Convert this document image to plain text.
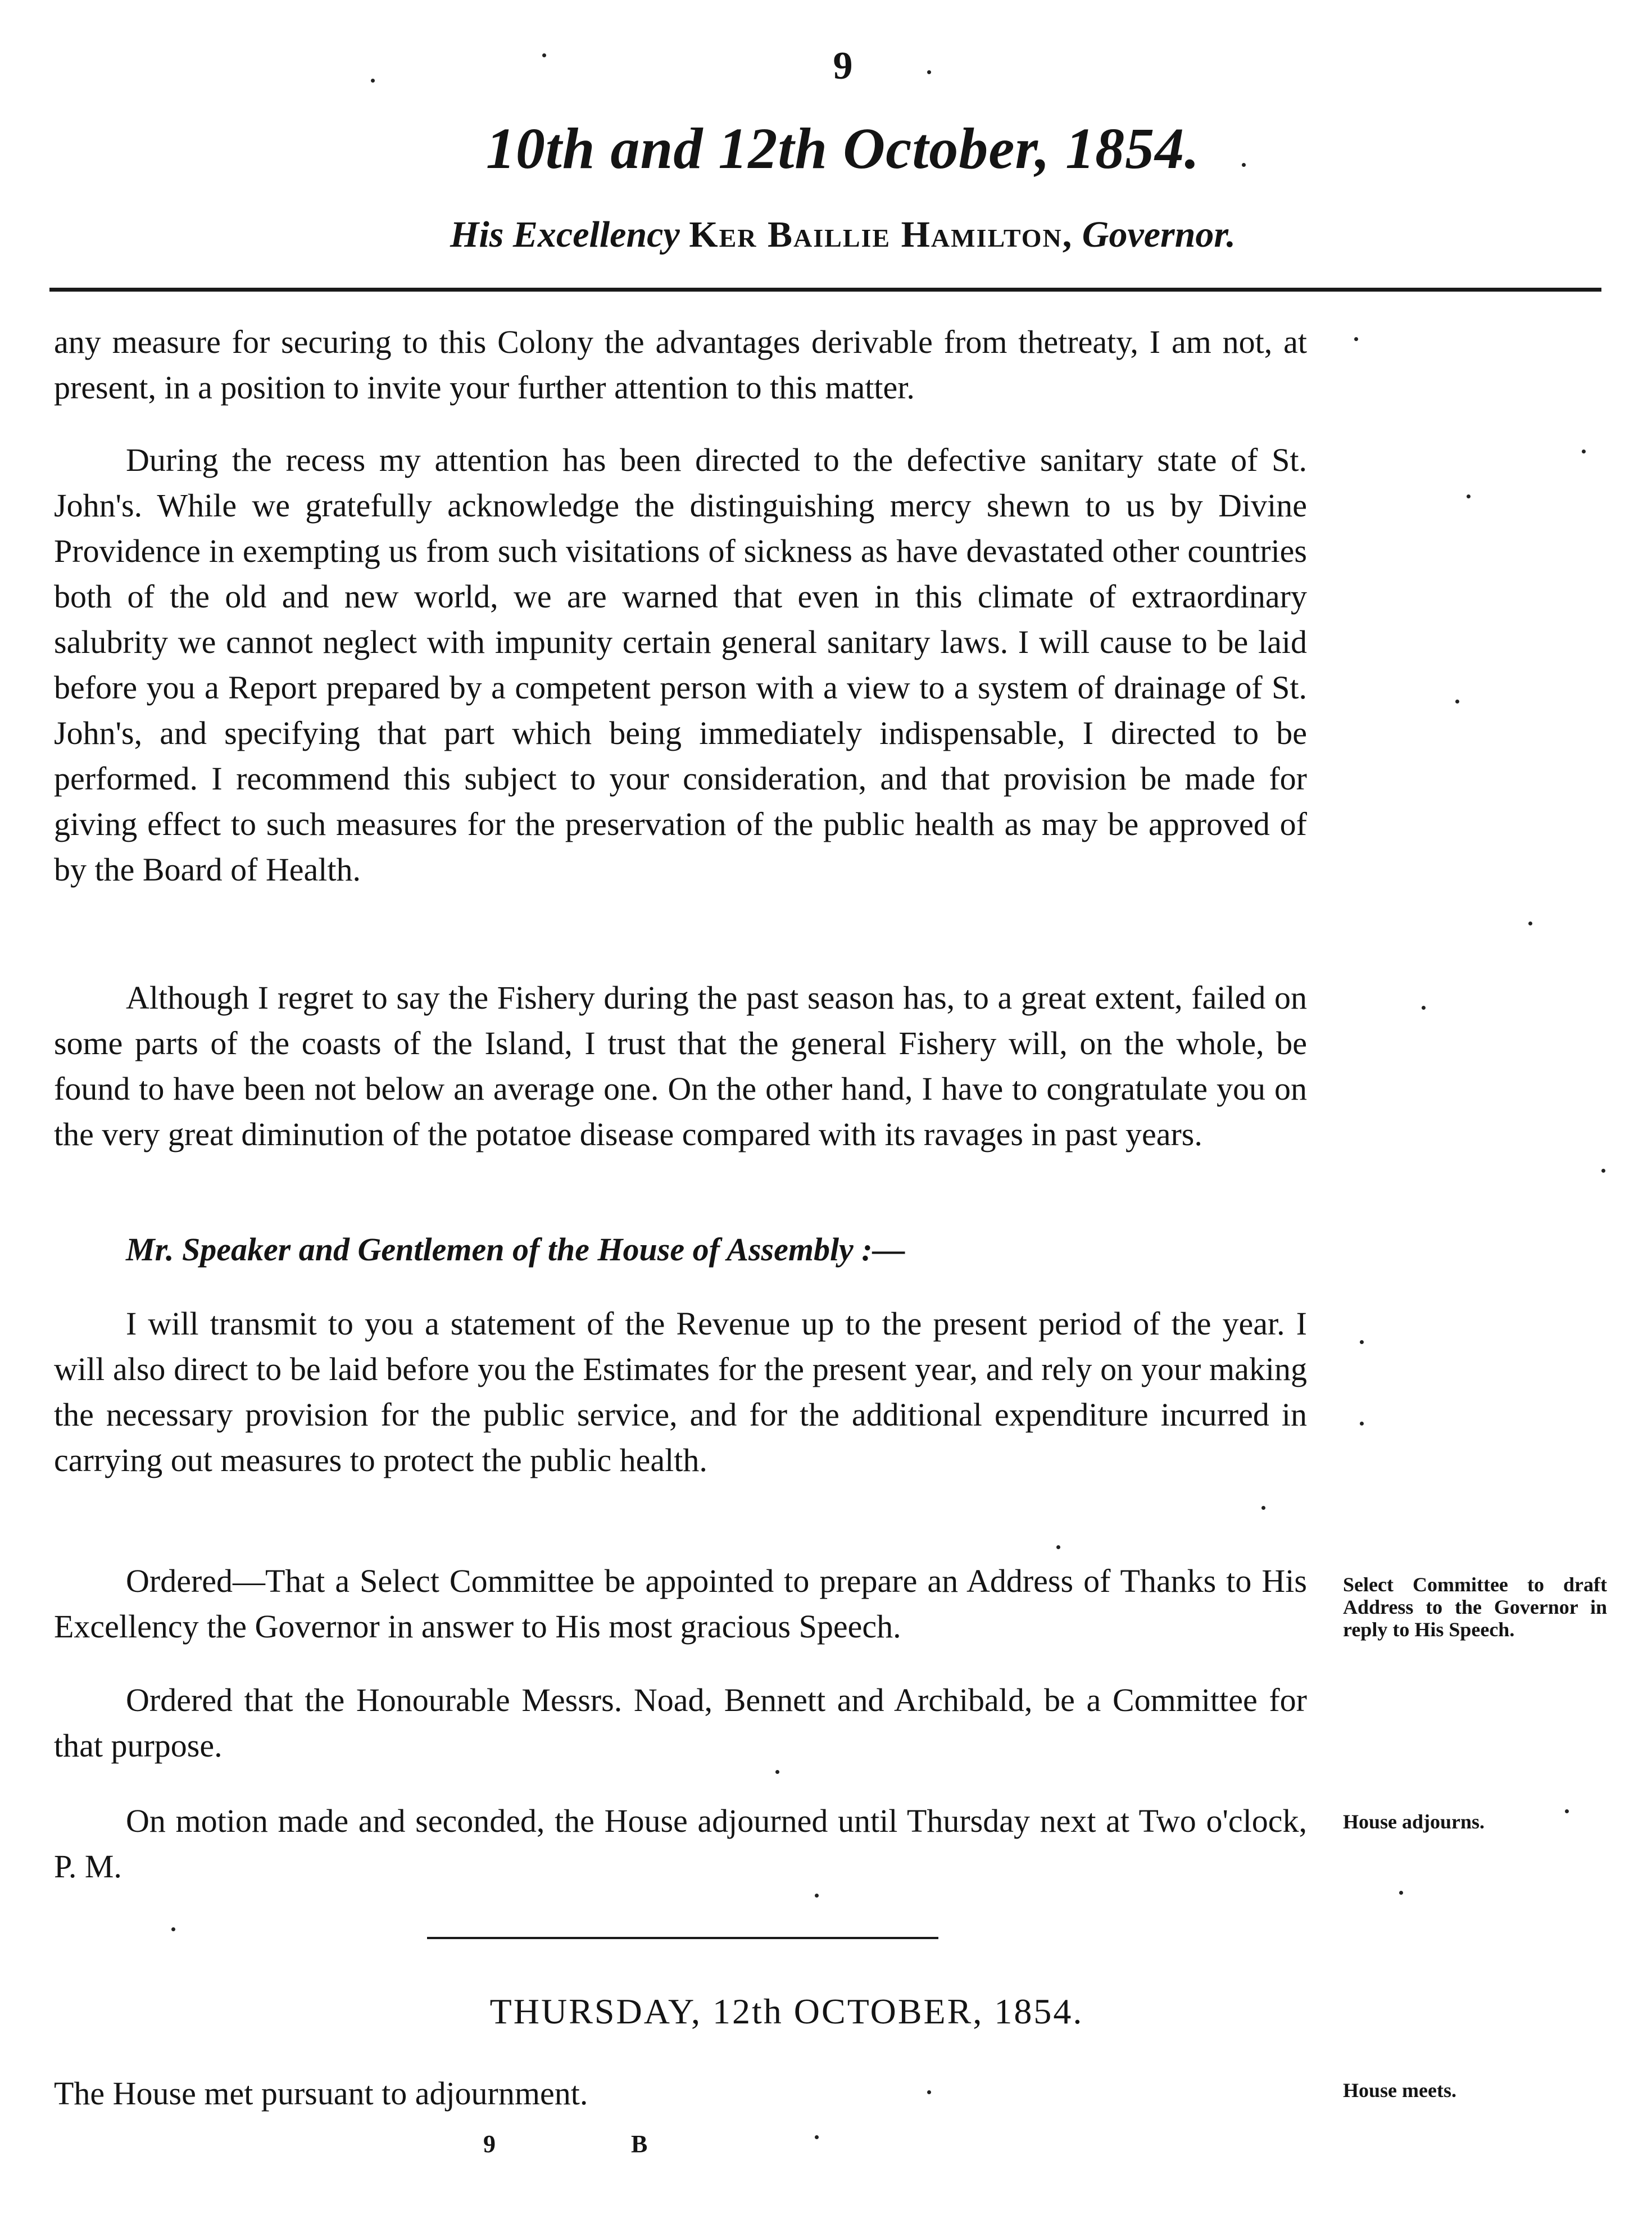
9
10th and 12th October, 1854.
His Excellency Ker Baillie Hamilton, Governor.

any measure for securing to this Colony the advantages derivable from thetreaty, I am not, at present, in a position to invite your further attention to this matter.

During the recess my attention has been directed to the defective sanitary state of St. John's. While we gratefully acknowledge the distinguishing mercy shewn to us by Divine Providence in exempting us from such visitations of sickness as have devastated other countries both of the old and new world, we are warned that even in this climate of extraordinary salubrity we cannot neglect with impunity certain general sanitary laws. I will cause to be laid before you a Report prepared by a competent person with a view to a system of drainage of St. John's, and specifying that part which being immediately indispensable, I directed to be performed. I recommend this subject to your consideration, and that provision be made for giving effect to such measures for the preservation of the public health as may be approved of by the Board of Health.

Although I regret to say the Fishery during the past season has, to a great extent, failed on some parts of the coasts of the Island, I trust that the general Fishery will, on the whole, be found to have been not below an average one. On the other hand, I have to congratulate you on the very great diminution of the potatoe disease compared with its ravages in past years.

Mr. Speaker and Gentlemen of the House of Assembly :—

I will transmit to you a statement of the Revenue up to the present period of the year. I will also direct to be laid before you the Estimates for the present year, and rely on your making the necessary provision for the public service, and for the additional expenditure incurred in carrying out measures to protect the public health.

Ordered—That a Select Committee be appointed to prepare an Address of Thanks to His Excellency the Governor in answer to His most gracious Speech.

Ordered that the Honourable Messrs. Noad, Bennett and Archibald, be a Committee for that purpose.

On motion made and seconded, the House adjourned until Thursday next at Two o'clock, P. M.

Select Committee to draft Address to the Governor in reply to His Speech.
House adjourns.
House meets.
THURSDAY, 12th OCTOBER, 1854.
The House met pursuant to adjournment.
9	B
